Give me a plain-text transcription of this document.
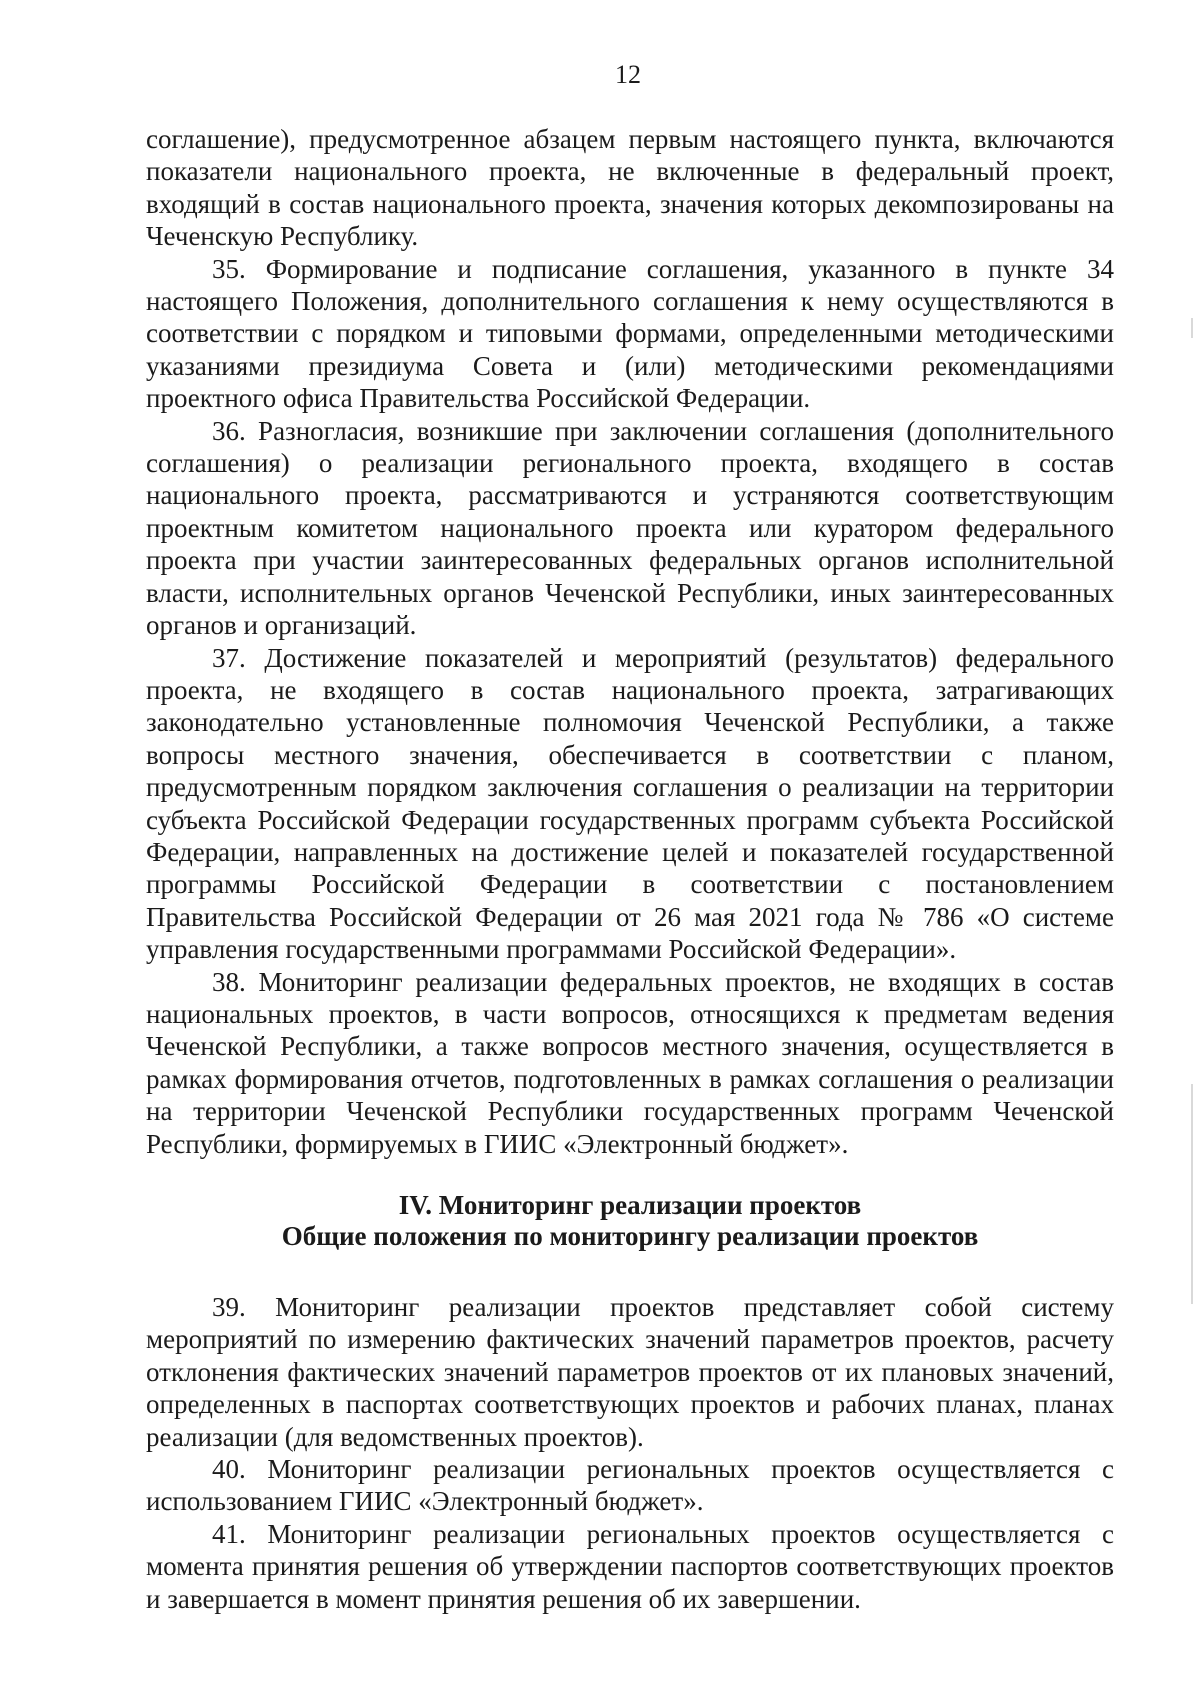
12

соглашение), предусмотренное абзацем первым настоящего пункта, включаются показатели национального проекта, не включенные в федеральный проект, входящий в состав национального проекта, значения которых декомпозированы на Чеченскую Республику.

35. Формирование и подписание соглашения, указанного в пункте 34 настоящего Положения, дополнительного соглашения к нему осуществляются в соответствии с порядком и типовыми формами, определенными методическими указаниями президиума Совета и (или) методическими рекомендациями проектного офиса Правительства Российской Федерации.

36. Разногласия, возникшие при заключении соглашения (дополнительного соглашения) о реализации регионального проекта, входящего в состав национального проекта, рассматриваются и устраняются соответствующим проектным комитетом национального проекта или куратором федерального проекта при участии заинтересованных федеральных органов исполнительной власти, исполнительных органов Чеченской Республики, иных заинтересованных органов и организаций.

37. Достижение показателей и мероприятий (результатов) федерального проекта, не входящего в состав национального проекта, затрагивающих законодательно установленные полномочия Чеченской Республики, а также вопросы местного значения, обеспечивается в соответствии с планом, предусмотренным порядком заключения соглашения о реализации на территории субъекта Российской Федерации государственных программ субъекта Российской Федерации, направленных на достижение целей и показателей государственной программы Российской Федерации в соответствии с постановлением Правительства Российской Федерации от 26 мая 2021 года № 786 «О системе управления государственными программами Российской Федерации».

38. Мониторинг реализации федеральных проектов, не входящих в состав национальных проектов, в части вопросов, относящихся к предметам ведения Чеченской Республики, а также вопросов местного значения, осуществляется в рамках формирования отчетов, подготовленных в рамках соглашения о реализации на территории Чеченской Республики государственных программ Чеченской Республики, формируемых в ГИИС «Электронный бюджет».

IV. Мониторинг реализации проектов
Общие положения по мониторингу реализации проектов

39. Мониторинг реализации проектов представляет собой систему мероприятий по измерению фактических значений параметров проектов, расчету отклонения фактических значений параметров проектов от их плановых значений, определенных в паспортах соответствующих проектов и рабочих планах, планах реализации (для ведомственных проектов).

40. Мониторинг реализации региональных проектов осуществляется с использованием ГИИС «Электронный бюджет».

41. Мониторинг реализации региональных проектов осуществляется с момента принятия решения об утверждении паспортов соответствующих проектов и завершается в момент принятия решения об их завершении.
